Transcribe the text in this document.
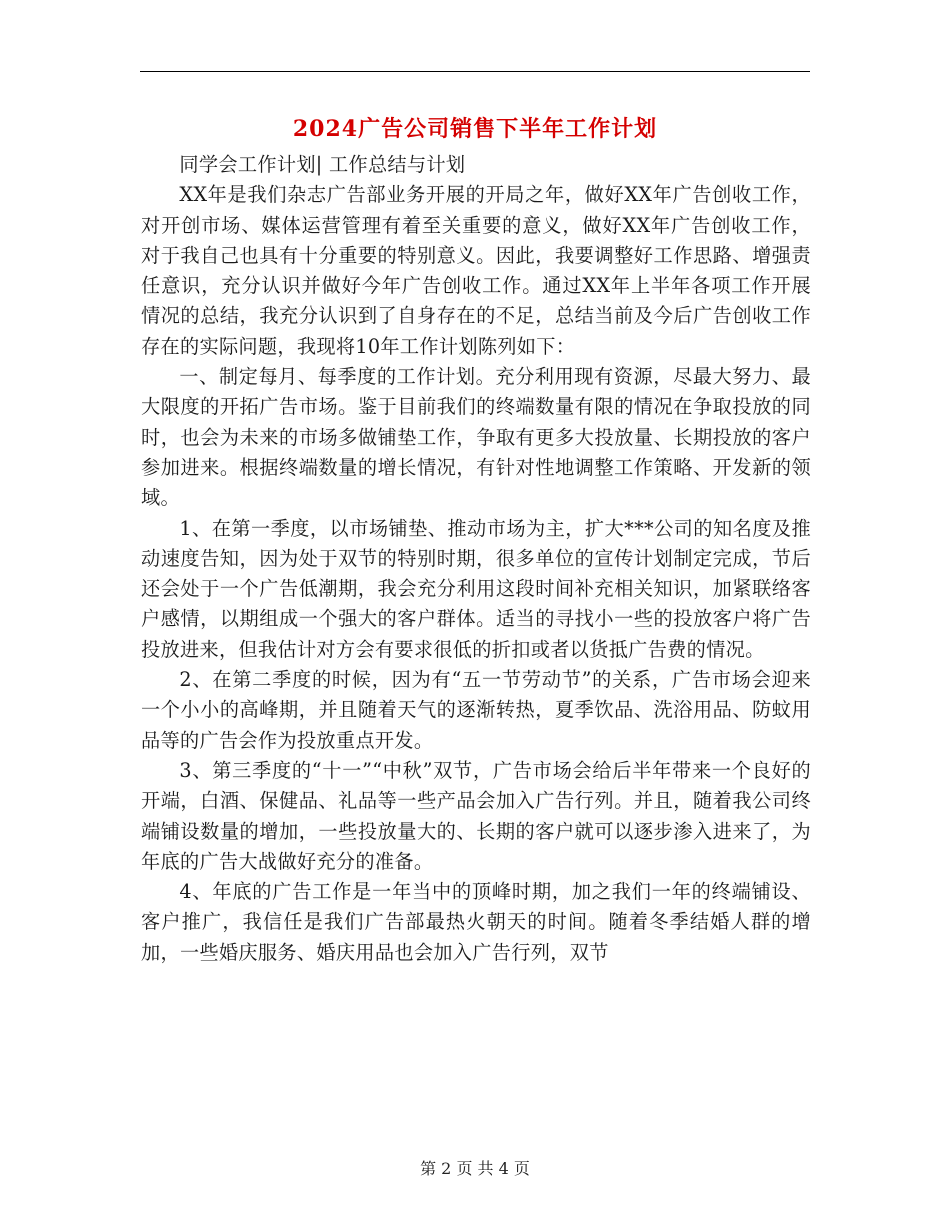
2024广告公司销售下半年工作计划

同学会工作计划| 工作总结与计划

XX年是我们杂志广告部业务开展的开局之年，做好XX年广告创收工作，对开创市场、媒体运营管理有着至关重要的意义，做好XX年广告创收工作，对于我自己也具有十分重要的特别意义。因此，我要调整好工作思路、增强责任意识，充分认识并做好今年广告创收工作。通过XX年上半年各项工作开展情况的总结，我充分认识到了自身存在的不足，总结当前及今后广告创收工作存在的实际问题，我现将10年工作计划陈列如下：

一、制定每月、每季度的工作计划。充分利用现有资源，尽最大努力、最大限度的开拓广告市场。鉴于目前我们的终端数量有限的情况在争取投放的同时，也会为未来的市场多做铺垫工作，争取有更多大投放量、长期投放的客户参加进来。根据终端数量的增长情况，有针对性地调整工作策略、开发新的领域。

1、在第一季度，以市场铺垫、推动市场为主，扩大***公司的知名度及推动速度告知，因为处于双节的特别时期，很多单位的宣传计划制定完成，节后还会处于一个广告低潮期，我会充分利用这段时间补充相关知识，加紧联络客户感情，以期组成一个强大的客户群体。适当的寻找小一些的投放客户将广告投放进来，但我估计对方会有要求很低的折扣或者以货抵广告费的情况。

2、在第二季度的时候，因为有“五一节劳动节”的关系，广告市场会迎来一个小小的高峰期，并且随着天气的逐渐转热，夏季饮品、洗浴用品、防蚊用品等的广告会作为投放重点开发。

3、第三季度的“十一”“中秋”双节，广告市场会给后半年带来一个良好的开端，白酒、保健品、礼品等一些产品会加入广告行列。并且，随着我公司终端铺设数量的增加，一些投放量大的、长期的客户就可以逐步渗入进来了，为年底的广告大战做好充分的准备。

4、年底的广告工作是一年当中的顶峰时期，加之我们一年的终端铺设、客户推广，我信任是我们广告部最热火朝天的时间。随着冬季结婚人群的增加，一些婚庆服务、婚庆用品也会加入广告行列，双节

第 2 页 共 4 页
